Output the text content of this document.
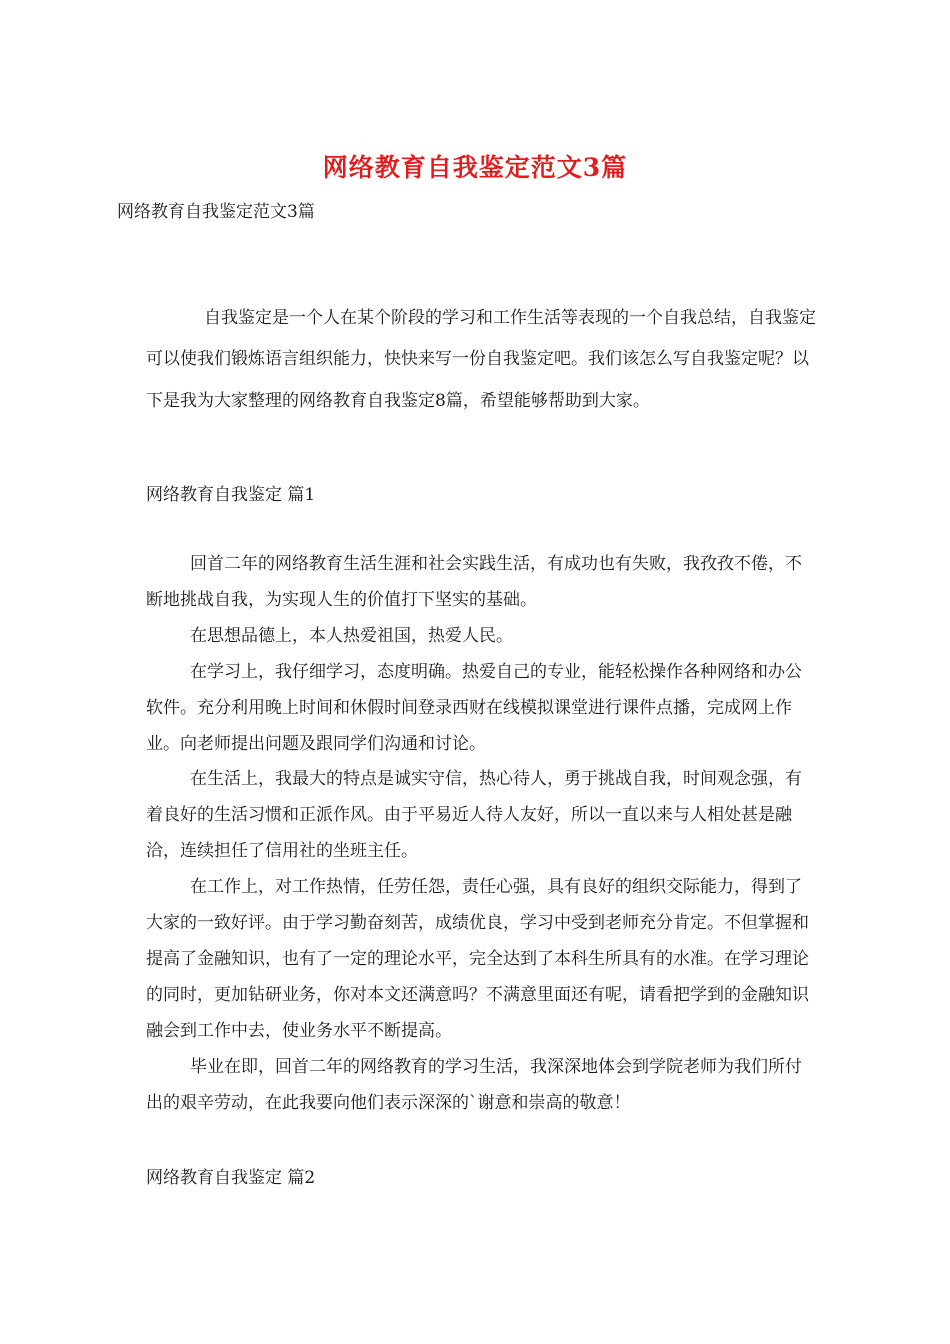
网络教育自我鉴定范文3篇
网络教育自我鉴定范文3篇

自我鉴定是一个人在某个阶段的学习和工作生活等表现的一个自我总结，自我鉴定可以使我们锻炼语言组织能力，快快来写一份自我鉴定吧。我们该怎么写自我鉴定呢？以下是我为大家整理的网络教育自我鉴定8篇，希望能够帮助到大家。

网络教育自我鉴定 篇1

回首二年的网络教育生活生涯和社会实践生活，有成功也有失败，我孜孜不倦，不断地挑战自我，为实现人生的价值打下坚实的基础。

在思想品德上，本人热爱祖国，热爱人民。

在学习上，我仔细学习，态度明确。热爱自己的专业，能轻松操作各种网络和办公软件。充分利用晚上时间和休假时间登录西财在线模拟课堂进行课件点播，完成网上作业。向老师提出问题及跟同学们沟通和讨论。

在生活上，我最大的特点是诚实守信，热心待人，勇于挑战自我，时间观念强，有着良好的生活习惯和正派作风。由于平易近人待人友好，所以一直以来与人相处甚是融洽，连续担任了信用社的坐班主任。

在工作上，对工作热情，任劳任怨，责任心强，具有良好的组织交际能力，得到了大家的一致好评。由于学习勤奋刻苦，成绩优良，学习中受到老师充分肯定。不但掌握和提高了金融知识，也有了一定的理论水平，完全达到了本科生所具有的水准。在学习理论的同时，更加钻研业务，你对本文还满意吗？不满意里面还有呢，请看把学到的金融知识融会到工作中去，使业务水平不断提高。

毕业在即，回首二年的网络教育的学习生活，我深深地体会到学院老师为我们所付出的艰辛劳动，在此我要向他们表示深深的`谢意和崇高的敬意！

网络教育自我鉴定 篇2
